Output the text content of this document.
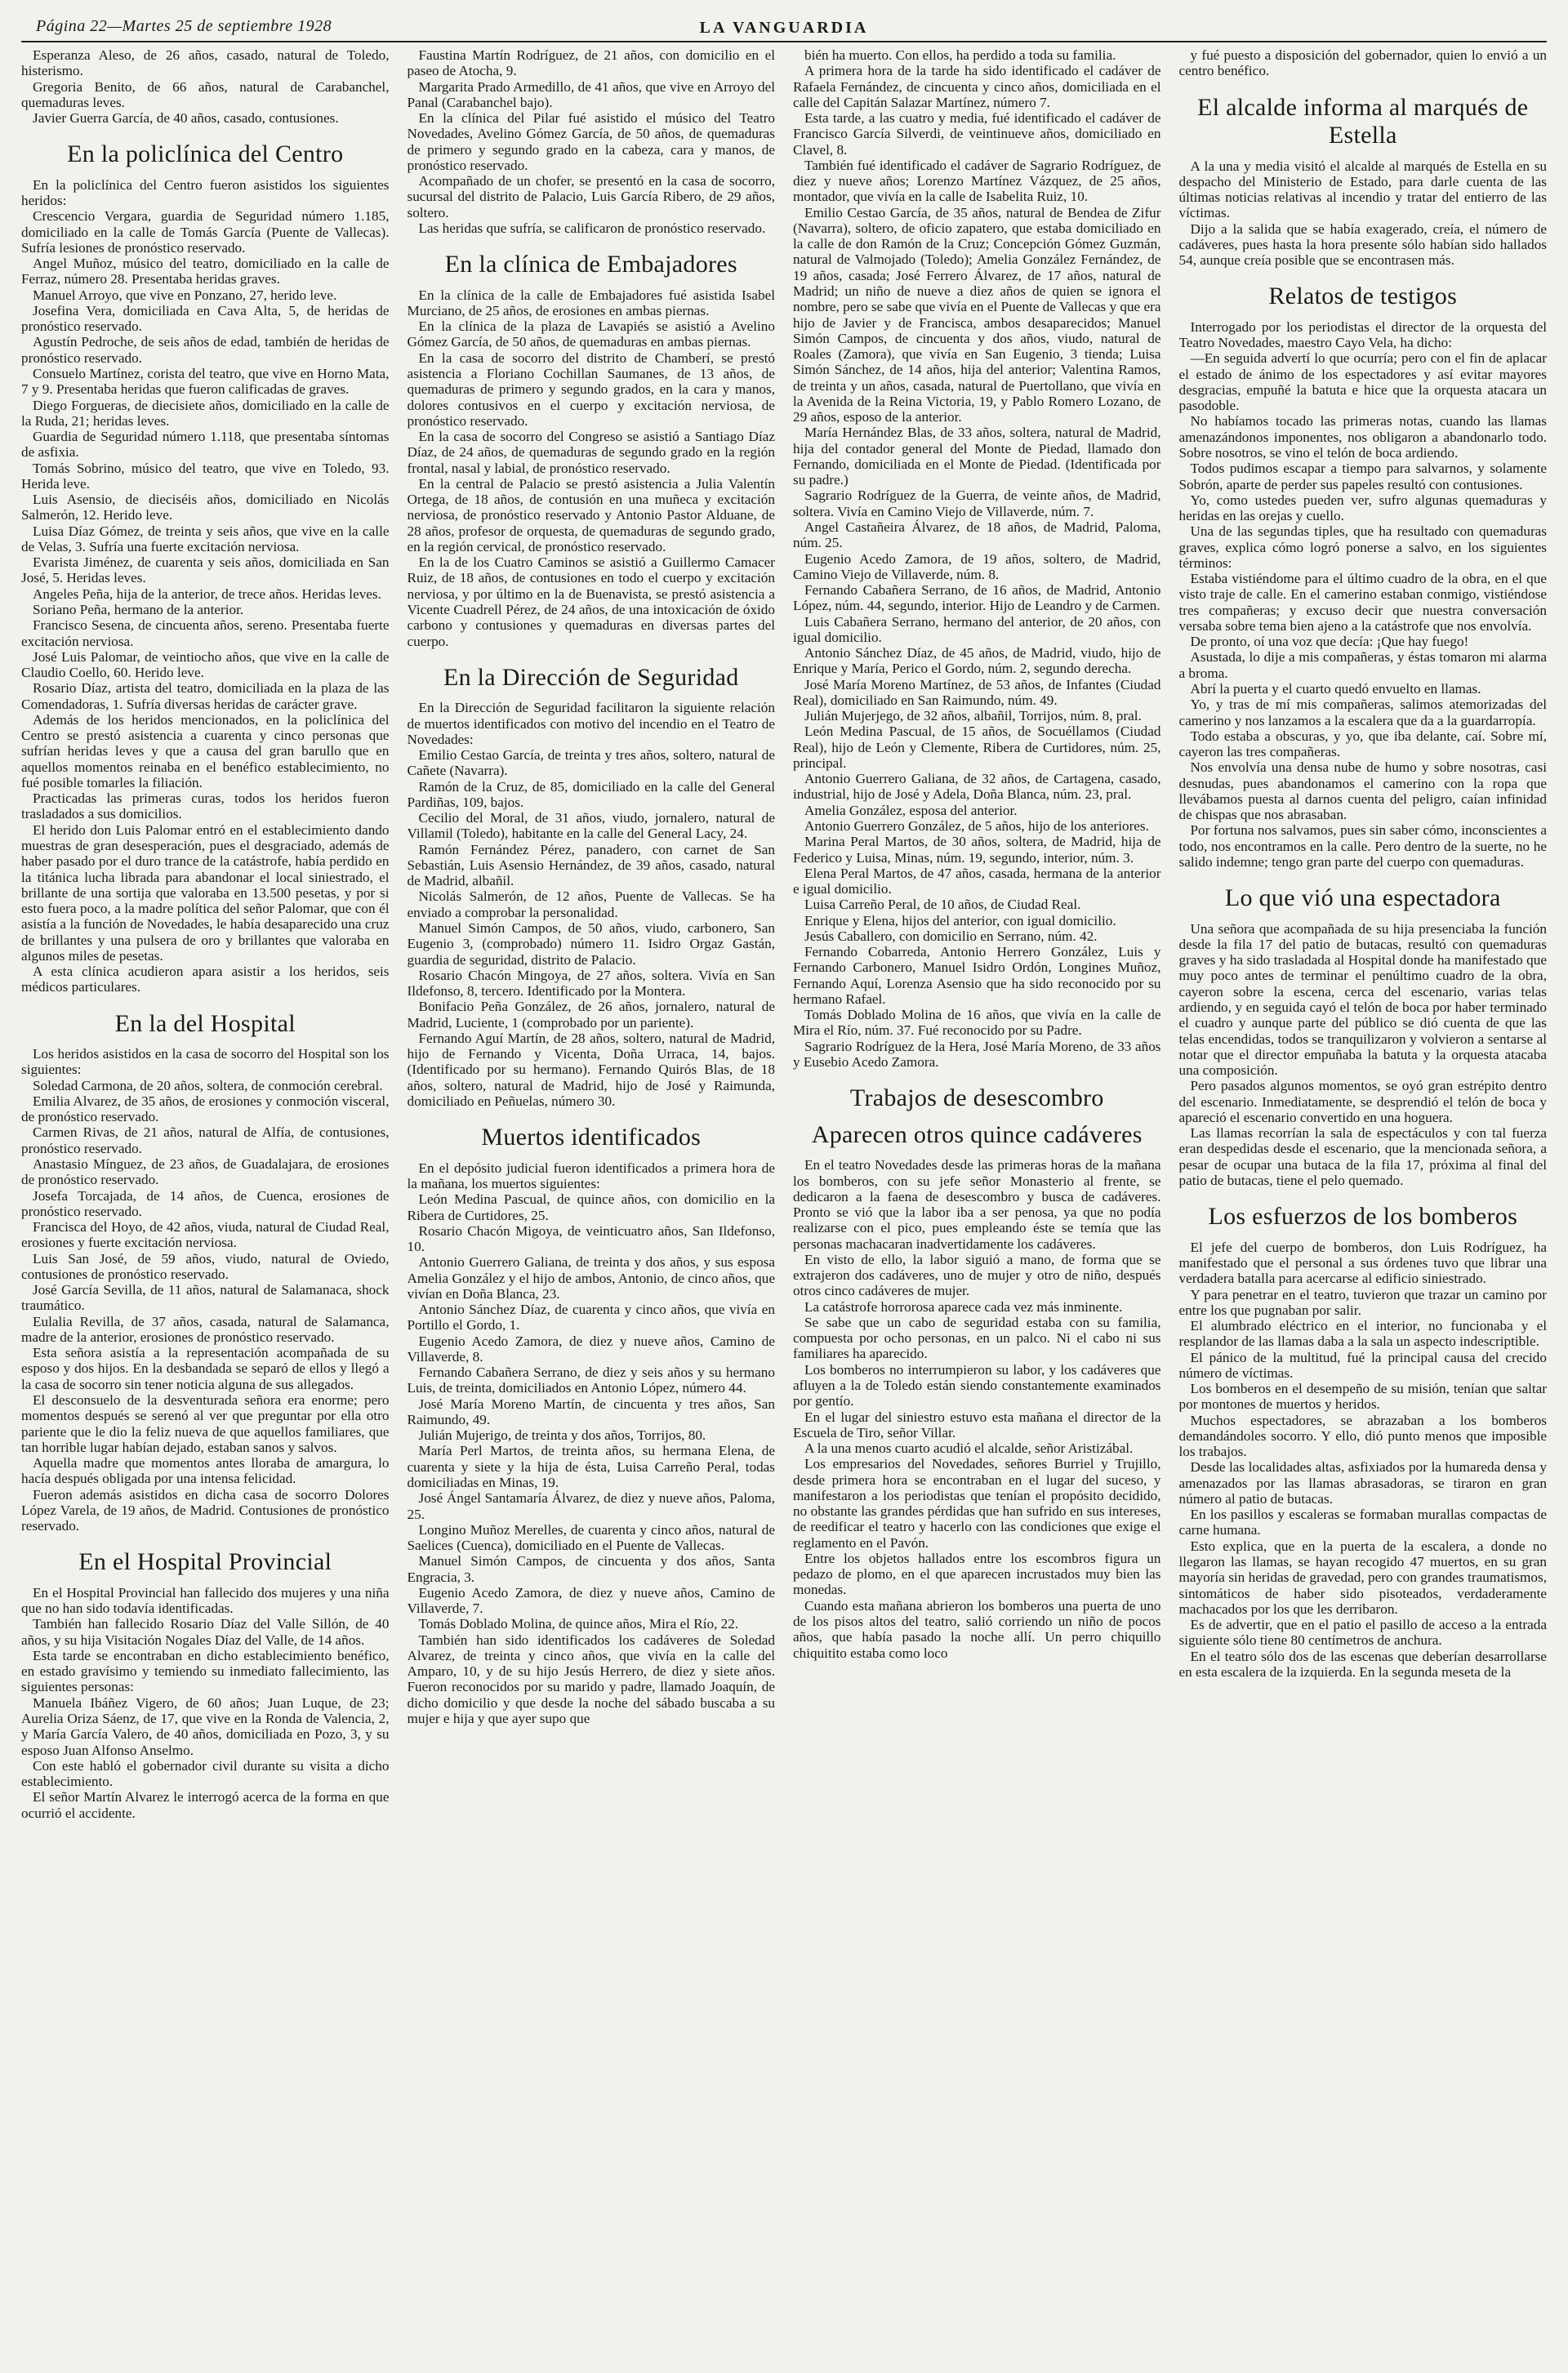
Página 22—Martes 25 de septiembre 1928	LA VANGUARDIA

Esperanza Aleso, de 26 años, casado, natural de Toledo, histerismo.

Gregoria Benito, de 66 años, natural de Carabanchel, quemaduras leves.

Javier Guerra García, de 40 años, casado, contusiones.

En la policlínica del Centro

En la policlínica del Centro fueron asistidos los siguientes heridos:

Crescencio Vergara, guardia de Seguridad número 1.185, domiciliado en la calle de Tomás García (Puente de Vallecas). Sufría lesiones de pronóstico reservado.

Angel Muñoz, músico del teatro, domiciliado en la calle de Ferraz, número 28. Presentaba heridas graves.

Manuel Arroyo, que vive en Ponzano, 27, herido leve.

Josefina Vera, domiciliada en Cava Alta, 5, de heridas de pronóstico reservado.

Agustín Pedroche, de seis años de edad, también de heridas de pronóstico reservado.

Consuelo Martínez, corista del teatro, que vive en Horno Mata, 7 y 9. Presentaba heridas que fueron calificadas de graves.

Diego Forgueras, de diecisiete años, domiciliado en la calle de la Ruda, 21; heridas leves.

Guardia de Seguridad número 1.118, que presentaba síntomas de asfixia.

Tomás Sobrino, músico del teatro, que vive en Toledo, 93. Herida leve.

Luis Asensio, de dieciséis años, domiciliado en Nicolás Salmerón, 12. Herido leve.

Luisa Díaz Gómez, de treinta y seis años, que vive en la calle de Velas, 3. Sufría una fuerte excitación nerviosa.

Evarista Jiménez, de cuarenta y seis años, domiciliada en San José, 5. Heridas leves.

Angeles Peña, hija de la anterior, de trece años. Heridas leves.

Soriano Peña, hermano de la anterior.

Francisco Sesena, de cincuenta años, sereno. Presentaba fuerte excitación nerviosa.

José Luis Palomar, de veintiocho años, que vive en la calle de Claudio Coello, 60. Herido leve.

Rosario Díaz, artista del teatro, domiciliada en la plaza de las Comendadoras, 1. Sufría diversas heridas de carácter grave.

Además de los heridos mencionados, en la policlínica del Centro se prestó asistencia a cuarenta y cinco personas que sufrían heridas leves y que a causa del gran barullo que en aquellos momentos reinaba en el benéfico establecimiento, no fué posible tomarles la filiación.

Practicadas las primeras curas, todos los heridos fueron trasladados a sus domicilios.

El herido don Luis Palomar entró en el establecimiento dando muestras de gran desesperación, pues el desgraciado, además de haber pasado por el duro trance de la catástrofe, había perdido en la titánica lucha librada para abandonar el local siniestrado, el brillante de una sortija que valoraba en 13.500 pesetas, y por si esto fuera poco, a la madre política del señor Palomar, que con él asistía a la función de Novedades, le había desaparecido una cruz de brillantes y una pulsera de oro y brillantes que valoraba en algunos miles de pesetas.

A esta clínica acudieron apara asistir a los heridos, seis médicos particulares.

En la del Hospital

Los heridos asistidos en la casa de socorro del Hospital son los siguientes:

Soledad Carmona, de 20 años, soltera, de conmoción cerebral.

Emilia Alvarez, de 35 años, de erosiones y conmoción visceral, de pronóstico reservado.

Carmen Rivas, de 21 años, natural de Alfía, de contusiones, pronóstico reservado.

Anastasio Mínguez, de 23 años, de Guadalajara, de erosiones de pronóstico reservado.

Josefa Torcajada, de 14 años, de Cuenca, erosiones de pronóstico reservado.

Francisca del Hoyo, de 42 años, viuda, natural de Ciudad Real, erosiones y fuerte excitación nerviosa.

Luis San José, de 59 años, viudo, natural de Oviedo, contusiones de pronóstico reservado.

José García Sevilla, de 11 años, natural de Salamanaca, shock traumático.

Eulalia Revilla, de 37 años, casada, natural de Salamanca, madre de la anterior, erosiones de pronóstico reservado.

Esta señora asistía a la representación acompañada de su esposo y dos hijos. En la desbandada se separó de ellos y llegó a la casa de socorro sin tener noticia alguna de sus allegados.

El desconsuelo de la desventurada señora era enorme; pero momentos después se serenó al ver que preguntar por ella otro pariente que le dio la feliz nueva de que aquellos familiares, que tan horrible lugar habían dejado, estaban sanos y salvos.

Aquella madre que momentos antes lloraba de amargura, lo hacía después obligada por una intensa felicidad.

Fueron además asistidos en dicha casa de socorro Dolores López Varela, de 19 años, de Madrid. Contusiones de pronóstico reservado.

En el Hospital Provincial

En el Hospital Provincial han fallecido dos mujeres y una niña que no han sido todavía identificadas.

También han fallecido Rosario Díaz del Valle Sillón, de 40 años, y su hija Visitación Nogales Díaz del Valle, de 14 años.

Esta tarde se encontraban en dicho establecimiento benéfico, en estado gravísimo y temiendo su inmediato fallecimiento, las siguientes personas:

Manuela Ibáñez Vigero, de 60 años; Juan Luque, de 23; Aurelia Oriza Sáenz, de 17, que vive en la Ronda de Valencia, 2, y María García Valero, de 40 años, domiciliada en Pozo, 3, y su esposo Juan Alfonso Anselmo.

Con este habló el gobernador civil durante su visita a dicho establecimiento.

El señor Martín Alvarez le interrogó acerca de la forma en que ocurrió el accidente.

Faustina Martín Rodríguez, de 21 años, con domicilio en el paseo de Atocha, 9.

Margarita Prado Armedillo, de 41 años, que vive en Arroyo del Panal (Carabanchel bajo).

En la clínica del Pilar fué asistido el músico del Teatro Novedades, Avelino Gómez García, de 50 años, de quemaduras de primero y segundo grado en la cabeza, cara y manos, de pronóstico reservado.

Acompañado de un chofer, se presentó en la casa de socorro, sucursal del distrito de Palacio, Luis García Ribero, de 29 años, soltero.

Las heridas que sufría, se calificaron de pronóstico reservado.

En la clínica de Embajadores

En la clínica de la calle de Embajadores fué asistida Isabel Murciano, de 25 años, de erosiones en ambas piernas.

En la clínica de la plaza de Lavapiés se asistió a Avelino Gómez García, de 50 años, de quemaduras en ambas piernas.

En la casa de socorro del distrito de Chamberí, se prestó asistencia a Floriano Cochillan Saumanes, de 13 años, de quemaduras de primero y segundo grados, en la cara y manos, dolores contusivos en el cuerpo y excitación nerviosa, de pronóstico reservado.

En la casa de socorro del Congreso se asistió a Santiago Díaz Díaz, de 24 años, de quemaduras de segundo grado en la región frontal, nasal y labial, de pronóstico reservado.

En la central de Palacio se prestó asistencia a Julia Valentín Ortega, de 18 años, de contusión en una muñeca y excitación nerviosa, de pronóstico reservado y Antonio Pastor Alduane, de 28 años, profesor de orquesta, de quemaduras de segundo grado, en la región cervical, de pronóstico reservado.

En la de los Cuatro Caminos se asistió a Guillermo Camacer Ruiz, de 18 años, de contusiones en todo el cuerpo y excitación nerviosa, y por último en la de Buenavista, se prestó asistencia a Vicente Cuadrell Pérez, de 24 años, de una intoxicación de óxido carbono y contusiones y quemaduras en diversas partes del cuerpo.

En la Dirección de Seguridad

En la Dirección de Seguridad facilitaron la siguiente relación de muertos identificados con motivo del incendio en el Teatro de Novedades:

Emilio Cestao García, de treinta y tres años, soltero, natural de Cañete (Navarra).

Ramón de la Cruz, de 85, domiciliado en la calle del General Pardiñas, 109, bajos.

Cecilio del Moral, de 31 años, viudo, jornalero, natural de Villamil (Toledo), habitante en la calle del General Lacy, 24.

Ramón Fernández Pérez, panadero, con carnet de San Sebastián, Luis Asensio Hernández, de 39 años, casado, natural de Madrid, albañil.

Nicolás Salmerón, de 12 años, Puente de Vallecas. Se ha enviado a comprobar la personalidad.

Manuel Simón Campos, de 50 años, viudo, carbonero, San Eugenio 3, (comprobado) número 11. Isidro Orgaz Gastán, guardia de seguridad, distrito de Palacio.

Rosario Chacón Mingoya, de 27 años, soltera. Vivía en San Ildefonso, 8, tercero. Identificado por la Montera.

Bonifacio Peña González, de 26 años, jornalero, natural de Madrid, Luciente, 1 (comprobado por un pariente).

Fernando Aguí Martín, de 28 años, soltero, natural de Madrid, hijo de Fernando y Vicenta, Doña Urraca, 14, bajos. (Identificado por su hermano). Fernando Quirós Blas, de 18 años, soltero, natural de Madrid, hijo de José y Raimunda, domiciliado en Peñuelas, número 30.

Muertos identificados

En el depósito judicial fueron identificados a primera hora de la mañana, los muertos siguientes:

León Medina Pascual, de quince años, con domicilio en la Ribera de Curtidores, 25.

Rosario Chacón Migoya, de veinticuatro años, San Ildefonso, 10.

Antonio Guerrero Galiana, de treinta y dos años, y sus esposa Amelia González y el hijo de ambos, Antonio, de cinco años, que vivían en Doña Blanca, 23.

Antonio Sánchez Díaz, de cuarenta y cinco años, que vivía en Portillo el Gordo, 1.

Eugenio Acedo Zamora, de diez y nueve años, Camino de Villaverde, 8.

Fernando Cabañera Serrano, de diez y seis años y su hermano Luis, de treinta, domiciliados en Antonio López, número 44.

José María Moreno Martín, de cincuenta y tres años, San Raimundo, 49.

Julián Mujerigo, de treinta y dos años, Torrijos, 80.

María Perl Martos, de treinta años, su hermana Elena, de cuarenta y siete y la hija de ésta, Luisa Carreño Peral, todas domiciliadas en Minas, 19.

José Ángel Santamaría Álvarez, de diez y nueve años, Paloma, 25.

Longino Muñoz Merelles, de cuarenta y cinco años, natural de Saelices (Cuenca), domiciliado en el Puente de Vallecas.

Manuel Simón Campos, de cincuenta y dos años, Santa Engracia, 3.

Eugenio Acedo Zamora, de diez y nueve años, Camino de Villaverde, 7.

Tomás Doblado Molina, de quince años, Mira el Río, 22.

También han sido identificados los cadáveres de Soledad Alvarez, de treinta y cinco años, que vivía en la calle del Amparo, 10, y de su hijo Jesús Herrero, de diez y siete años. Fueron reconocidos por su marido y padre, llamado Joaquín, de dicho domicilio y que desde la noche del sábado buscaba a su mujer e hija y que ayer supo que

bién ha muerto. Con ellos, ha perdido a toda su familia.

A primera hora de la tarde ha sido identificado el cadáver de Rafaela Fernández, de cincuenta y cinco años, domiciliada en el calle del Capitán Salazar Martínez, número 7.

Esta tarde, a las cuatro y media, fué identificado el cadáver de Francisco García Silverdi, de veintinueve años, domiciliado en Clavel, 8.

También fué identificado el cadáver de Sagrario Rodríguez, de diez y nueve años; Lorenzo Martínez Vázquez, de 25 años, montador, que vivía en la calle de Isabelita Ruiz, 10.

Emilio Cestao García, de 35 años, natural de Bendea de Zifur (Navarra), soltero, de oficio zapatero, que estaba domiciliado en la calle de don Ramón de la Cruz; Concepción Gómez Guzmán, natural de Valmojado (Toledo); Amelia González Fernández, de 19 años, casada; José Ferrero Álvarez, de 17 años, natural de Madrid; un niño de nueve a diez años de quien se ignora el nombre, pero se sabe que vivía en el Puente de Vallecas y que era hijo de Javier y de Francisca, ambos desaparecidos; Manuel Simón Campos, de cincuenta y dos años, viudo, natural de Roales (Zamora), que vivía en San Eugenio, 3 tienda; Luisa Simón Sánchez, de 14 años, hija del anterior; Valentina Ramos, de treinta y un años, casada, natural de Puertollano, que vivía en la Avenida de la Reina Victoria, 19, y Pablo Romero Lozano, de 29 años, esposo de la anterior.

María Hernández Blas, de 33 años, soltera, natural de Madrid, hija del contador general del Monte de Piedad, llamado don Fernando, domiciliada en el Monte de Piedad. (Identificada por su padre.)

Sagrario Rodríguez de la Guerra, de veinte años, de Madrid, soltera. Vivía en Camino Viejo de Villaverde, núm. 7.

Angel Castañeira Álvarez, de 18 años, de Madrid, Paloma, núm. 25.

Eugenio Acedo Zamora, de 19 años, soltero, de Madrid, Camino Viejo de Villaverde, núm. 8.

Fernando Cabañera Serrano, de 16 años, de Madrid, Antonio López, núm. 44, segundo, interior. Hijo de Leandro y de Carmen.

Luis Cabañera Serrano, hermano del anterior, de 20 años, con igual domicilio.

Antonio Sánchez Díaz, de 45 años, de Madrid, viudo, hijo de Enrique y María, Perico el Gordo, núm. 2, segundo derecha.

José María Moreno Martínez, de 53 años, de Infantes (Ciudad Real), domiciliado en San Raimundo, núm. 49.

Julián Mujerjego, de 32 años, albañil, Torrijos, núm. 8, pral.

León Medina Pascual, de 15 años, de Socuéllamos (Ciudad Real), hijo de León y Clemente, Ribera de Curtidores, núm. 25, principal.

Antonio Guerrero Galiana, de 32 años, de Cartagena, casado, industrial, hijo de José y Adela, Doña Blanca, núm. 23, pral.

Amelia González, esposa del anterior.

Antonio Guerrero González, de 5 años, hijo de los anteriores.

Marina Peral Martos, de 30 años, soltera, de Madrid, hija de Federico y Luisa, Minas, núm. 19, segundo, interior, núm. 3.

Elena Peral Martos, de 47 años, casada, hermana de la anterior e igual domicilio.

Luisa Carreño Peral, de 10 años, de Ciudad Real.

Enrique y Elena, hijos del anterior, con igual domicilio.

Jesús Caballero, con domicilio en Serrano, núm. 42.

Fernando Cobarreda, Antonio Herrero González, Luis y Fernando Carbonero, Manuel Isidro Ordón, Longines Muñoz, Fernando Aquí, Lorenza Asensio que ha sido reconocido por su hermano Rafael.

Tomás Doblado Molina de 16 años, que vivía en la calle de Mira el Río, núm. 37. Fué reconocido por su Padre.

Sagrario Rodríguez de la Hera, José María Moreno, de 33 años y Eusebio Acedo Zamora.

Trabajos de desescombro
Aparecen otros quince cadáveres

En el teatro Novedades desde las primeras horas de la mañana los bomberos, con su jefe señor Monasterio al frente, se dedicaron a la faena de desescombro y busca de cadáveres. Pronto se vió que la labor iba a ser penosa, ya que no podía realizarse con el pico, pues empleando éste se temía que las personas machacaran inadvertidamente los cadáveres.

En visto de ello, la labor siguió a mano, de forma que se extrajeron dos cadáveres, uno de mujer y otro de niño, después otros cinco cadáveres de mujer.

La catástrofe horrorosa aparece cada vez más inminente.

Se sabe que un cabo de seguridad estaba con su familia, compuesta por ocho personas, en un palco. Ni el cabo ni sus familiares ha aparecido.

Los bomberos no interrumpieron su labor, y los cadáveres que afluyen a la de Toledo están siendo constantemente examinados por gentío.

En el lugar del siniestro estuvo esta mañana el director de la Escuela de Tiro, señor Villar.

A la una menos cuarto acudió el alcalde, señor Aristizábal.

Los empresarios del Novedades, señores Burriel y Trujillo, desde primera hora se encontraban en el lugar del suceso, y manifestaron a los periodistas que tenían el propósito decidido, no obstante las grandes pérdidas que han sufrido en sus intereses, de reedificar el teatro y hacerlo con las condiciones que exige el reglamento en el Pavón.

Entre los objetos hallados entre los escombros figura un pedazo de plomo, en el que aparecen incrustados muy bien las monedas.

Cuando esta mañana abrieron los bomberos una puerta de uno de los pisos altos del teatro, salió corriendo un niño de pocos años, que había pasado la noche allí. Un perro chiquillo chiquitito estaba como loco

y fué puesto a disposición del gobernador, quien lo envió a un centro benéfico.

El alcalde informa al marqués de Estella

A la una y media visitó el alcalde al marqués de Estella en su despacho del Ministerio de Estado, para darle cuenta de las últimas noticias relativas al incendio y tratar del entierro de las víctimas.

Dijo a la salida que se había exagerado, creía, el número de cadáveres, pues hasta la hora presente sólo habían sido hallados 54, aunque creía posible que se encontrasen más.

Relatos de testigos

Interrogado por los periodistas el director de la orquesta del Teatro Novedades, maestro Cayo Vela, ha dicho:

—En seguida advertí lo que ocurría; pero con el fin de aplacar el estado de ánimo de los espectadores y así evitar mayores desgracias, empuñé la batuta e hice que la orquesta atacara un pasodoble.

No habíamos tocado las primeras notas, cuando las llamas amenazándonos imponentes, nos obligaron a abandonarlo todo. Sobre nosotros, se vino el telón de boca ardiendo.

Todos pudimos escapar a tiempo para salvarnos, y solamente Sobrón, aparte de perder sus papeles resultó con contusiones.

Yo, como ustedes pueden ver, sufro algunas quemaduras y heridas en las orejas y cuello.

Una de las segundas tiples, que ha resultado con quemaduras graves, explica cómo logró ponerse a salvo, en los siguientes términos:

Estaba vistiéndome para el último cuadro de la obra, en el que visto traje de calle. En el camerino estaban conmigo, vistiéndose tres compañeras; y excuso decir que nuestra conversación versaba sobre tema bien ajeno a la catástrofe que nos envolvía.

De pronto, oí una voz que decía: ¡Que hay fuego!

Asustada, lo dije a mis compañeras, y éstas tomaron mi alarma a broma.

Abrí la puerta y el cuarto quedó envuelto en llamas.

Yo, y tras de mí mis compañeras, salimos atemorizadas del camerino y nos lanzamos a la escalera que da a la guardarropía.

Todo estaba a obscuras, y yo, que iba delante, caí. Sobre mí, cayeron las tres compañeras.

Nos envolvía una densa nube de humo y sobre nosotras, casi desnudas, pues abandonamos el camerino con la ropa que llevábamos puesta al darnos cuenta del peligro, caían infinidad de chispas que nos abrasaban.

Por fortuna nos salvamos, pues sin saber cómo, inconscientes a todo, nos encontramos en la calle. Pero dentro de la suerte, no he salido indemne; tengo gran parte del cuerpo con quemaduras.

Lo que vió una espectadora

Una señora que acompañada de su hija presenciaba la función desde la fila 17 del patio de butacas, resultó con quemaduras graves y ha sido trasladada al Hospital donde ha manifestado que muy poco antes de terminar el penúltimo cuadro de la obra, cayeron sobre la escena, cerca del escenario, varias telas ardiendo, y en seguida cayó el telón de boca por haber terminado el cuadro y aunque parte del público se dió cuenta de que las telas encendidas, todos se tranquilizaron y volvieron a sentarse al notar que el director empuñaba la batuta y la orquesta atacaba una composición.

Pero pasados algunos momentos, se oyó gran estrépito dentro del escenario. Inmediatamente, se desprendió el telón de boca y apareció el escenario convertido en una hoguera.

Las llamas recorrían la sala de espectáculos y con tal fuerza eran despedidas desde el escenario, que la mencionada señora, a pesar de ocupar una butaca de la fila 17, próxima al final del patio de butacas, tiene el pelo quemado.

Los esfuerzos de los bomberos

El jefe del cuerpo de bomberos, don Luis Rodríguez, ha manifestado que el personal a sus órdenes tuvo que librar una verdadera batalla para acercarse al edificio siniestrado.

Y para penetrar en el teatro, tuvieron que trazar un camino por entre los que pugnaban por salir.

El alumbrado eléctrico en el interior, no funcionaba y el resplandor de las llamas daba a la sala un aspecto indescriptible.

El pánico de la multitud, fué la principal causa del crecido número de víctimas.

Los bomberos en el desempeño de su misión, tenían que saltar por montones de muertos y heridos.

Muchos espectadores, se abrazaban a los bomberos demandándoles socorro. Y ello, dió punto menos que imposible los trabajos.

Desde las localidades altas, asfixiados por la humareda densa y amenazados por las llamas abrasadoras, se tiraron en gran número al patio de butacas.

En los pasillos y escaleras se formaban murallas compactas de carne humana.

Esto explica, que en la puerta de la escalera, a donde no llegaron las llamas, se hayan recogido 47 muertos, en su gran mayoría sin heridas de gravedad, pero con grandes traumatismos, sintomáticos de haber sido pisoteados, verdaderamente machacados por los que les derribaron.

Es de advertir, que en el patio el pasillo de acceso a la entrada siguiente sólo tiene 80 centímetros de anchura.

En el teatro sólo dos de las escenas que deberían desarrollarse en esta escalera de la izquierda. En la segunda meseta de la
